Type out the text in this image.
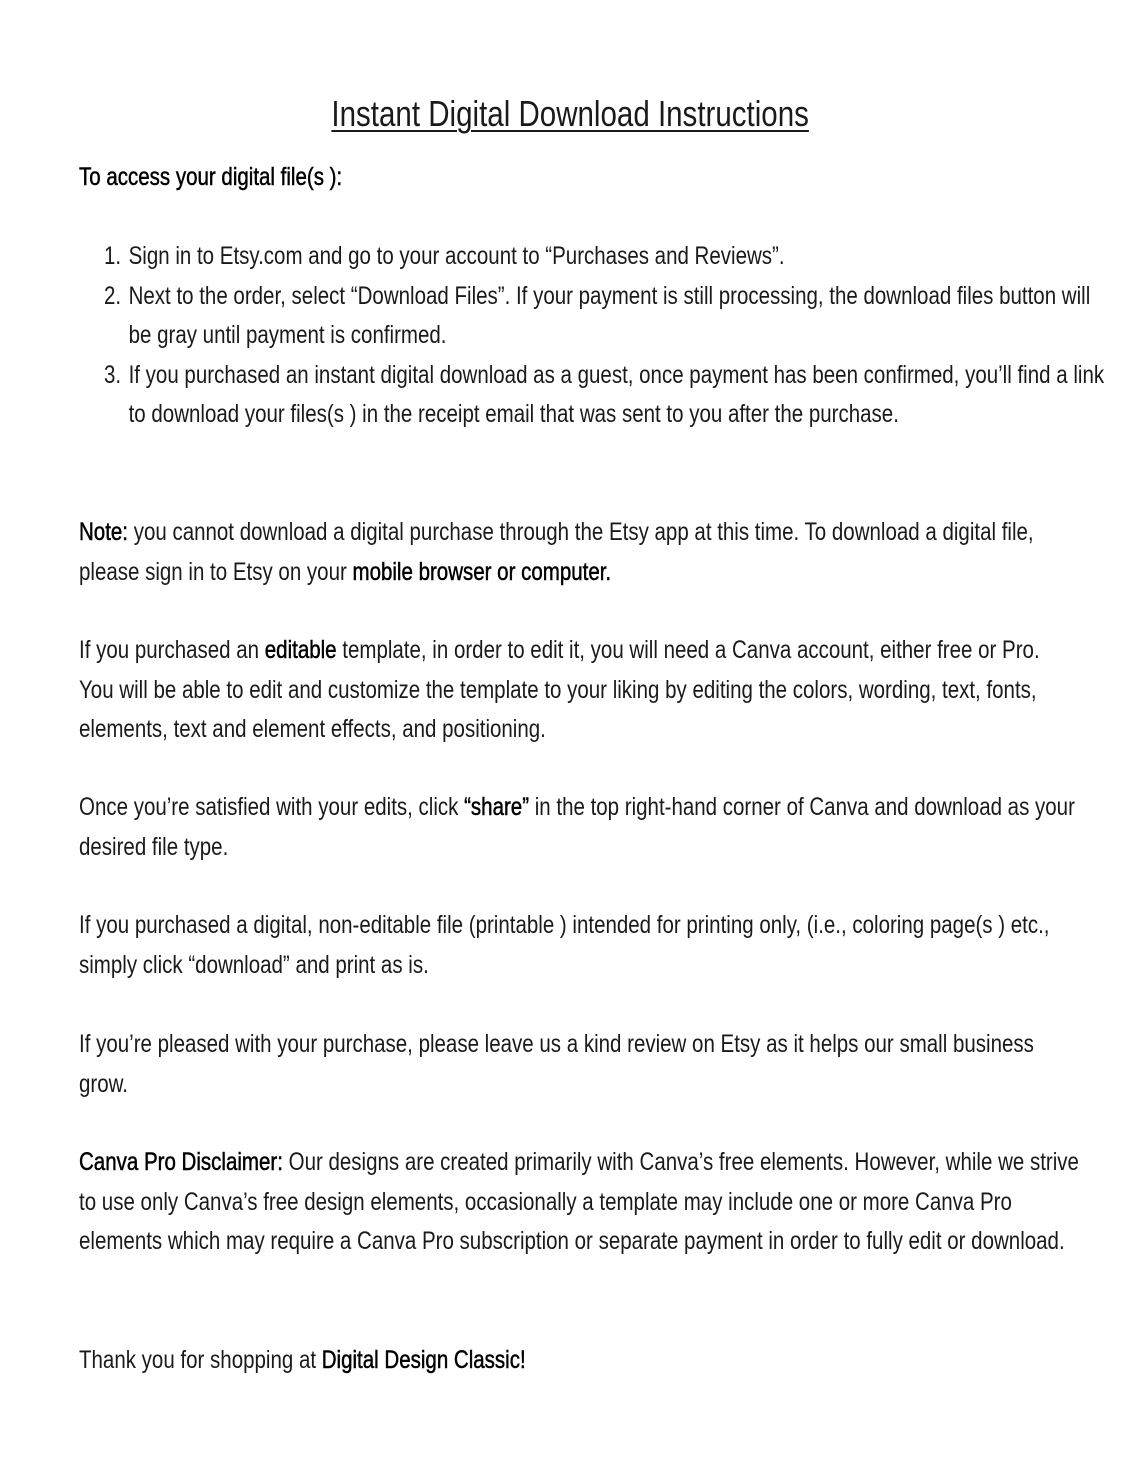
Instant Digital Download Instructions

To access your digital file(s ):

1. Sign in to Etsy.com and go to your account to “Purchases and Reviews”.
2. Next to the order, select “Download Files”. If your payment is still processing, the download files button will be gray until payment is confirmed.
3. If you purchased an instant digital download as a guest, once payment has been confirmed, you’ll find a link to download your files(s ) in the receipt email that was sent to you after the purchase.

Note: you cannot download a digital purchase through the Etsy app at this time. To download a digital file, please sign in to Etsy on your mobile browser or computer.

If you purchased an editable template, in order to edit it, you will need a Canva account, either free or Pro. You will be able to edit and customize the template to your liking by editing the colors, wording, text, fonts, elements, text and element effects, and positioning.

Once you’re satisfied with your edits, click “share” in the top right-hand corner of Canva and download as your desired file type.

If you purchased a digital, non-editable file (printable ) intended for printing only, (i.e., coloring page(s ) etc., simply click “download” and print as is.

If you’re pleased with your purchase, please leave us a kind review on Etsy as it helps our small business grow.

Canva Pro Disclaimer: Our designs are created primarily with Canva’s free elements. However, while we strive to use only Canva’s free design elements, occasionally a template may include one or more Canva Pro elements which may require a Canva Pro subscription or separate payment in order to fully edit or download.

Thank you for shopping at Digital Design Classic!
